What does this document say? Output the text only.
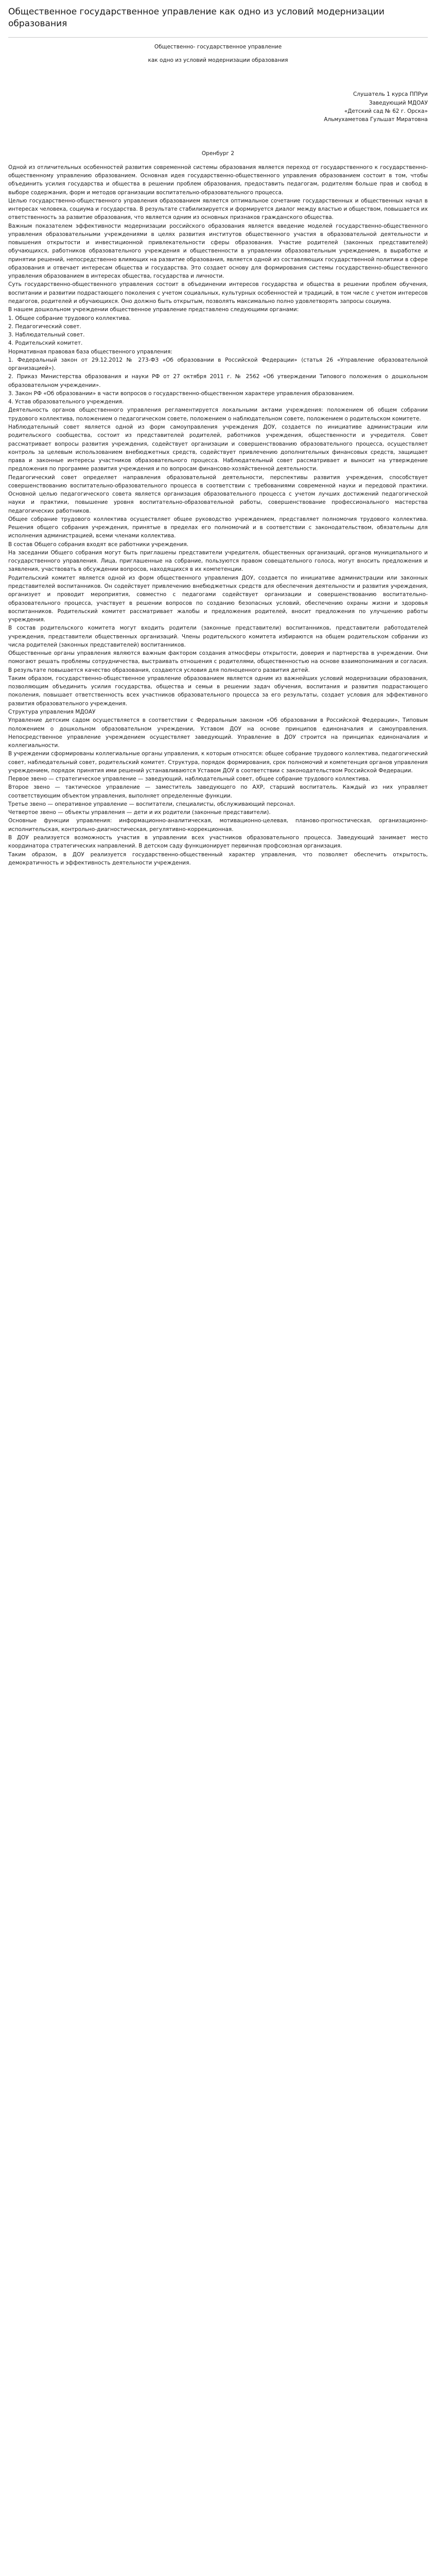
Общественное государственное управление как одно из условий модернизации образования

Общественно- государственное управление

как одно из условий модернизации образования

Слушатель 1 курса ППРуи
Заведующий МДОАУ
«Детский сад № 62 г. Орска»
Альмухаметова Гульшат Миратовна

Оренбург 2

Одной из отличительных особенностей развития современной системы образования является переход от государственного к государственно-общественному управлению образованием. Основная идея государственно-общественного управления образованием состоит в том, чтобы объединить усилия государства и общества в решении проблем образования, предоставить педагогам, родителям больше прав и свобод в выборе содержания, форм и методов организации воспитательно-образовательного процесса.
Целью государственно-общественного управления образованием является оптимальное сочетание государственных и общественных начал в интересах человека, социума и государства. В результате стабилизируется и формируется диалог между властью и обществом, повышается их ответственность за развитие образования, что является одним из основных признаков гражданского общества.
Важным показателем эффективности модернизации российского образования является введение моделей государственно-общественного управления образовательными учреждениями в целях развития институтов общественного участия в образовательной деятельности и повышения открытости и инвестиционной привлекательности сферы образования. Участие родителей (законных представителей) обучающихся, работников образовательного учреждения и общественности в управлении образовательным учреждением, в выработке и принятии решений, непосредственно влияющих на развитие образования, является одной из составляющих государственной политики в сфере образования и отвечает интересам общества и государства. Это создает основу для формирования системы государственно-общественного управления образованием в интересах общества, государства и личности.
Суть государственно-общественного управления состоит в объединении интересов государства и общества в решении проблем обучения, воспитании и развитии подрастающего поколения с учетом социальных, культурных особенностей и традиций, в том числе с учетом интересов педагогов, родителей и обучающихся. Оно должно быть открытым, позволять максимально полно удовлетворять запросы социума.
В нашем дошкольном учреждении общественное управление представлено следующими органами:
1. Общее собрание трудового коллектива.
2. Педагогический совет.
3. Наблюдательный совет.
4. Родительский комитет.
Нормативная правовая база общественного управления:
1. Федеральный закон от 29.12.2012 № 273-ФЗ «Об образовании в Российской Федерации» (статья 26 «Управление образовательной организацией»).
2. Приказ Министерства образования и науки РФ от 27 октября 2011 г. № 2562 «Об утверждении Типового положения о дошкольном образовательном учреждении».
3. Закон РФ «Об образовании» в части вопросов о государственно-общественном характере управления образованием.
4. Устав образовательного учреждения.
Деятельность органов общественного управления регламентируется локальными актами учреждения: положением об общем собрании трудового коллектива, положением о педагогическом совете, положением о наблюдательном совете, положением о родительском комитете.
Наблюдательный совет является одной из форм самоуправления учреждения ДОУ, создается по инициативе администрации или родительского сообщества, состоит из представителей родителей, работников учреждения, общественности и учредителя. Совет рассматривает вопросы развития учреждения, содействует организации и совершенствованию образовательного процесса, осуществляет контроль за целевым использованием внебюджетных средств, содействует привлечению дополнительных финансовых средств, защищает права и законные интересы участников образовательного процесса. Наблюдательный совет рассматривает и выносит на утверждение предложения по программе развития учреждения и по вопросам финансово-хозяйственной деятельности.
Педагогический совет определяет направления образовательной деятельности, перспективы развития учреждения, способствует совершенствованию воспитательно-образовательного процесса в соответствии с требованиями современной науки и передовой практики. Основной целью педагогического совета является организация образовательного процесса с учетом лучших достижений педагогической науки и практики, повышение уровня воспитательно-образовательной работы, совершенствование профессионального мастерства педагогических работников.
Общее собрание трудового коллектива осуществляет общее руководство учреждением, представляет полномочия трудового коллектива. Решения общего собрания учреждения, принятые в пределах его полномочий и в соответствии с законодательством, обязательны для исполнения администрацией, всеми членами коллектива.
В состав Общего собрания входят все работники учреждения.
На заседании Общего собрания могут быть приглашены представители учредителя, общественных организаций, органов муниципального и государственного управления. Лица, приглашенные на собрание, пользуются правом совещательного голоса, могут вносить предложения и заявления, участвовать в обсуждении вопросов, находящихся в их компетенции.
Родительский комитет является одной из форм общественного управления ДОУ, создается по инициативе администрации или законных представителей воспитанников. Он содействует привлечению внебюджетных средств для обеспечения деятельности и развития учреждения, организует и проводит мероприятия, совместно с педагогами содействует организации и совершенствованию воспитательно-образовательного процесса, участвует в решении вопросов по созданию безопасных условий, обеспечению охраны жизни и здоровья воспитанников. Родительский комитет рассматривает жалобы и предложения родителей, вносит предложения по улучшению работы учреждения.
В состав родительского комитета могут входить родители (законные представители) воспитанников, представители работодателей учреждения, представители общественных организаций. Члены родительского комитета избираются на общем родительском собрании из числа родителей (законных представителей) воспитанников.
Общественные органы управления являются важным фактором создания атмосферы открытости, доверия и партнерства в учреждении. Они помогают решать проблемы сотрудничества, выстраивать отношения с родителями, общественностью на основе взаимопонимания и согласия. В результате повышается качество образования, создаются условия для полноценного развития детей.
Таким образом, государственно-общественное управление образованием является одним из важнейших условий модернизации образования, позволяющим объединить усилия государства, общества и семьи в решении задач обучения, воспитания и развития подрастающего поколения, повышает ответственность всех участников образовательного процесса за его результаты, создает условия для эффективного развития образовательного учреждения.
Структура управления МДОАУ
Управление детским садом осуществляется в соответствии с Федеральным законом «Об образовании в Российской Федерации», Типовым положением о дошкольном образовательном учреждении, Уставом ДОУ на основе принципов единоначалия и самоуправления. Непосредственное управление учреждением осуществляет заведующий. Управление в ДОУ строится на принципах единоначалия и коллегиальности.
В учреждении сформированы коллегиальные органы управления, к которым относятся: общее собрание трудового коллектива, педагогический совет, наблюдательный совет, родительский комитет. Структура, порядок формирования, срок полномочий и компетенция органов управления учреждением, порядок принятия ими решений устанавливаются Уставом ДОУ в соответствии с законодательством Российской Федерации.
Первое звено — стратегическое управление — заведующий, наблюдательный совет, общее собрание трудового коллектива.
Второе звено — тактическое управление — заместитель заведующего по АХР, старший воспитатель. Каждый из них управляет соответствующим объектом управления, выполняет определенные функции.
Третье звено — оперативное управление — воспитатели, специалисты, обслуживающий персонал.
Четвертое звено — объекты управления — дети и их родители (законные представители).
Основные функции управления: информационно-аналитическая, мотивационно-целевая, планово-прогностическая, организационно-исполнительская, контрольно-диагностическая, регулятивно-коррекционная.
В ДОУ реализуется возможность участия в управлении всех участников образовательного процесса. Заведующий занимает место координатора стратегических направлений. В детском саду функционирует первичная профсоюзная организация.
Таким образом, в ДОУ реализуется государственно-общественный характер управления, что позволяет обеспечить открытость, демократичность и эффективность деятельности учреждения.
